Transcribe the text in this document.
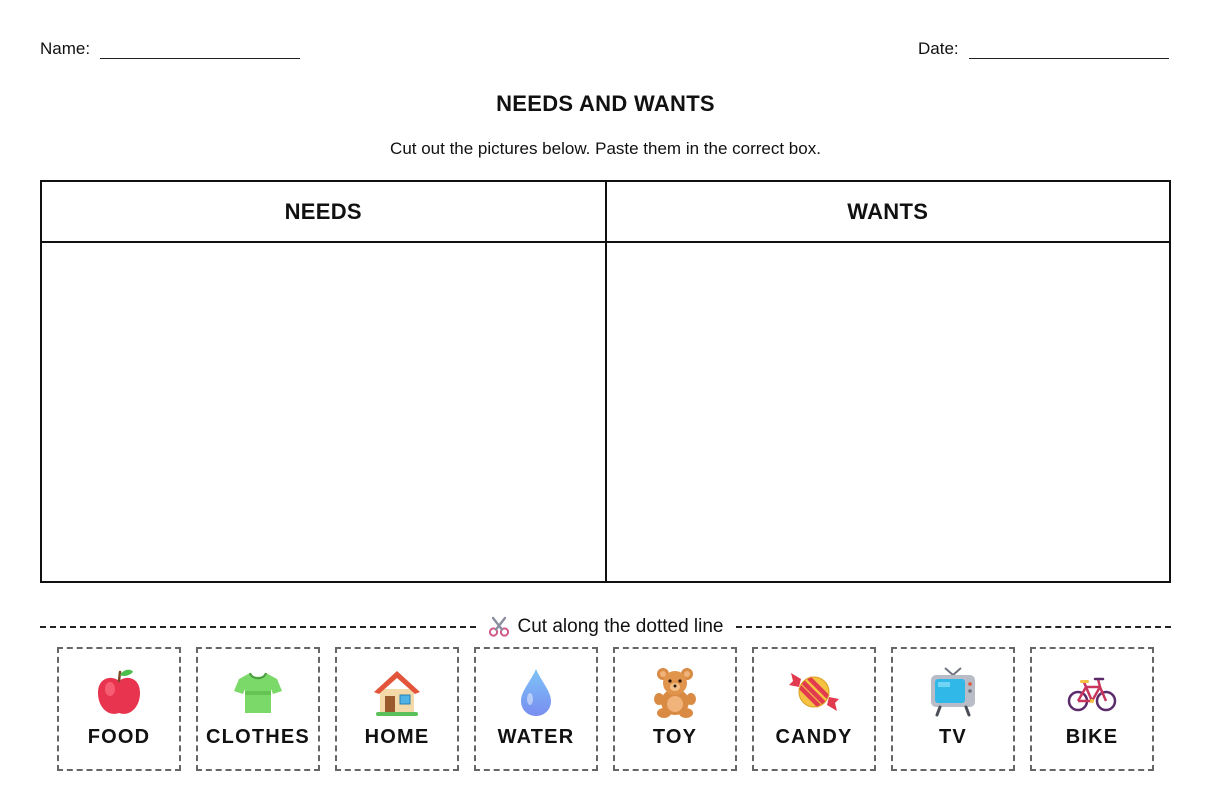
Name:	Date:
NEEDS AND WANTS
Cut out the pictures below. Paste them in the correct box.
NEEDS	WANTS
Cut along the dotted line
FOOD	CLOTHES	HOME	WATER	TOY	CANDY	TV	BIKE
